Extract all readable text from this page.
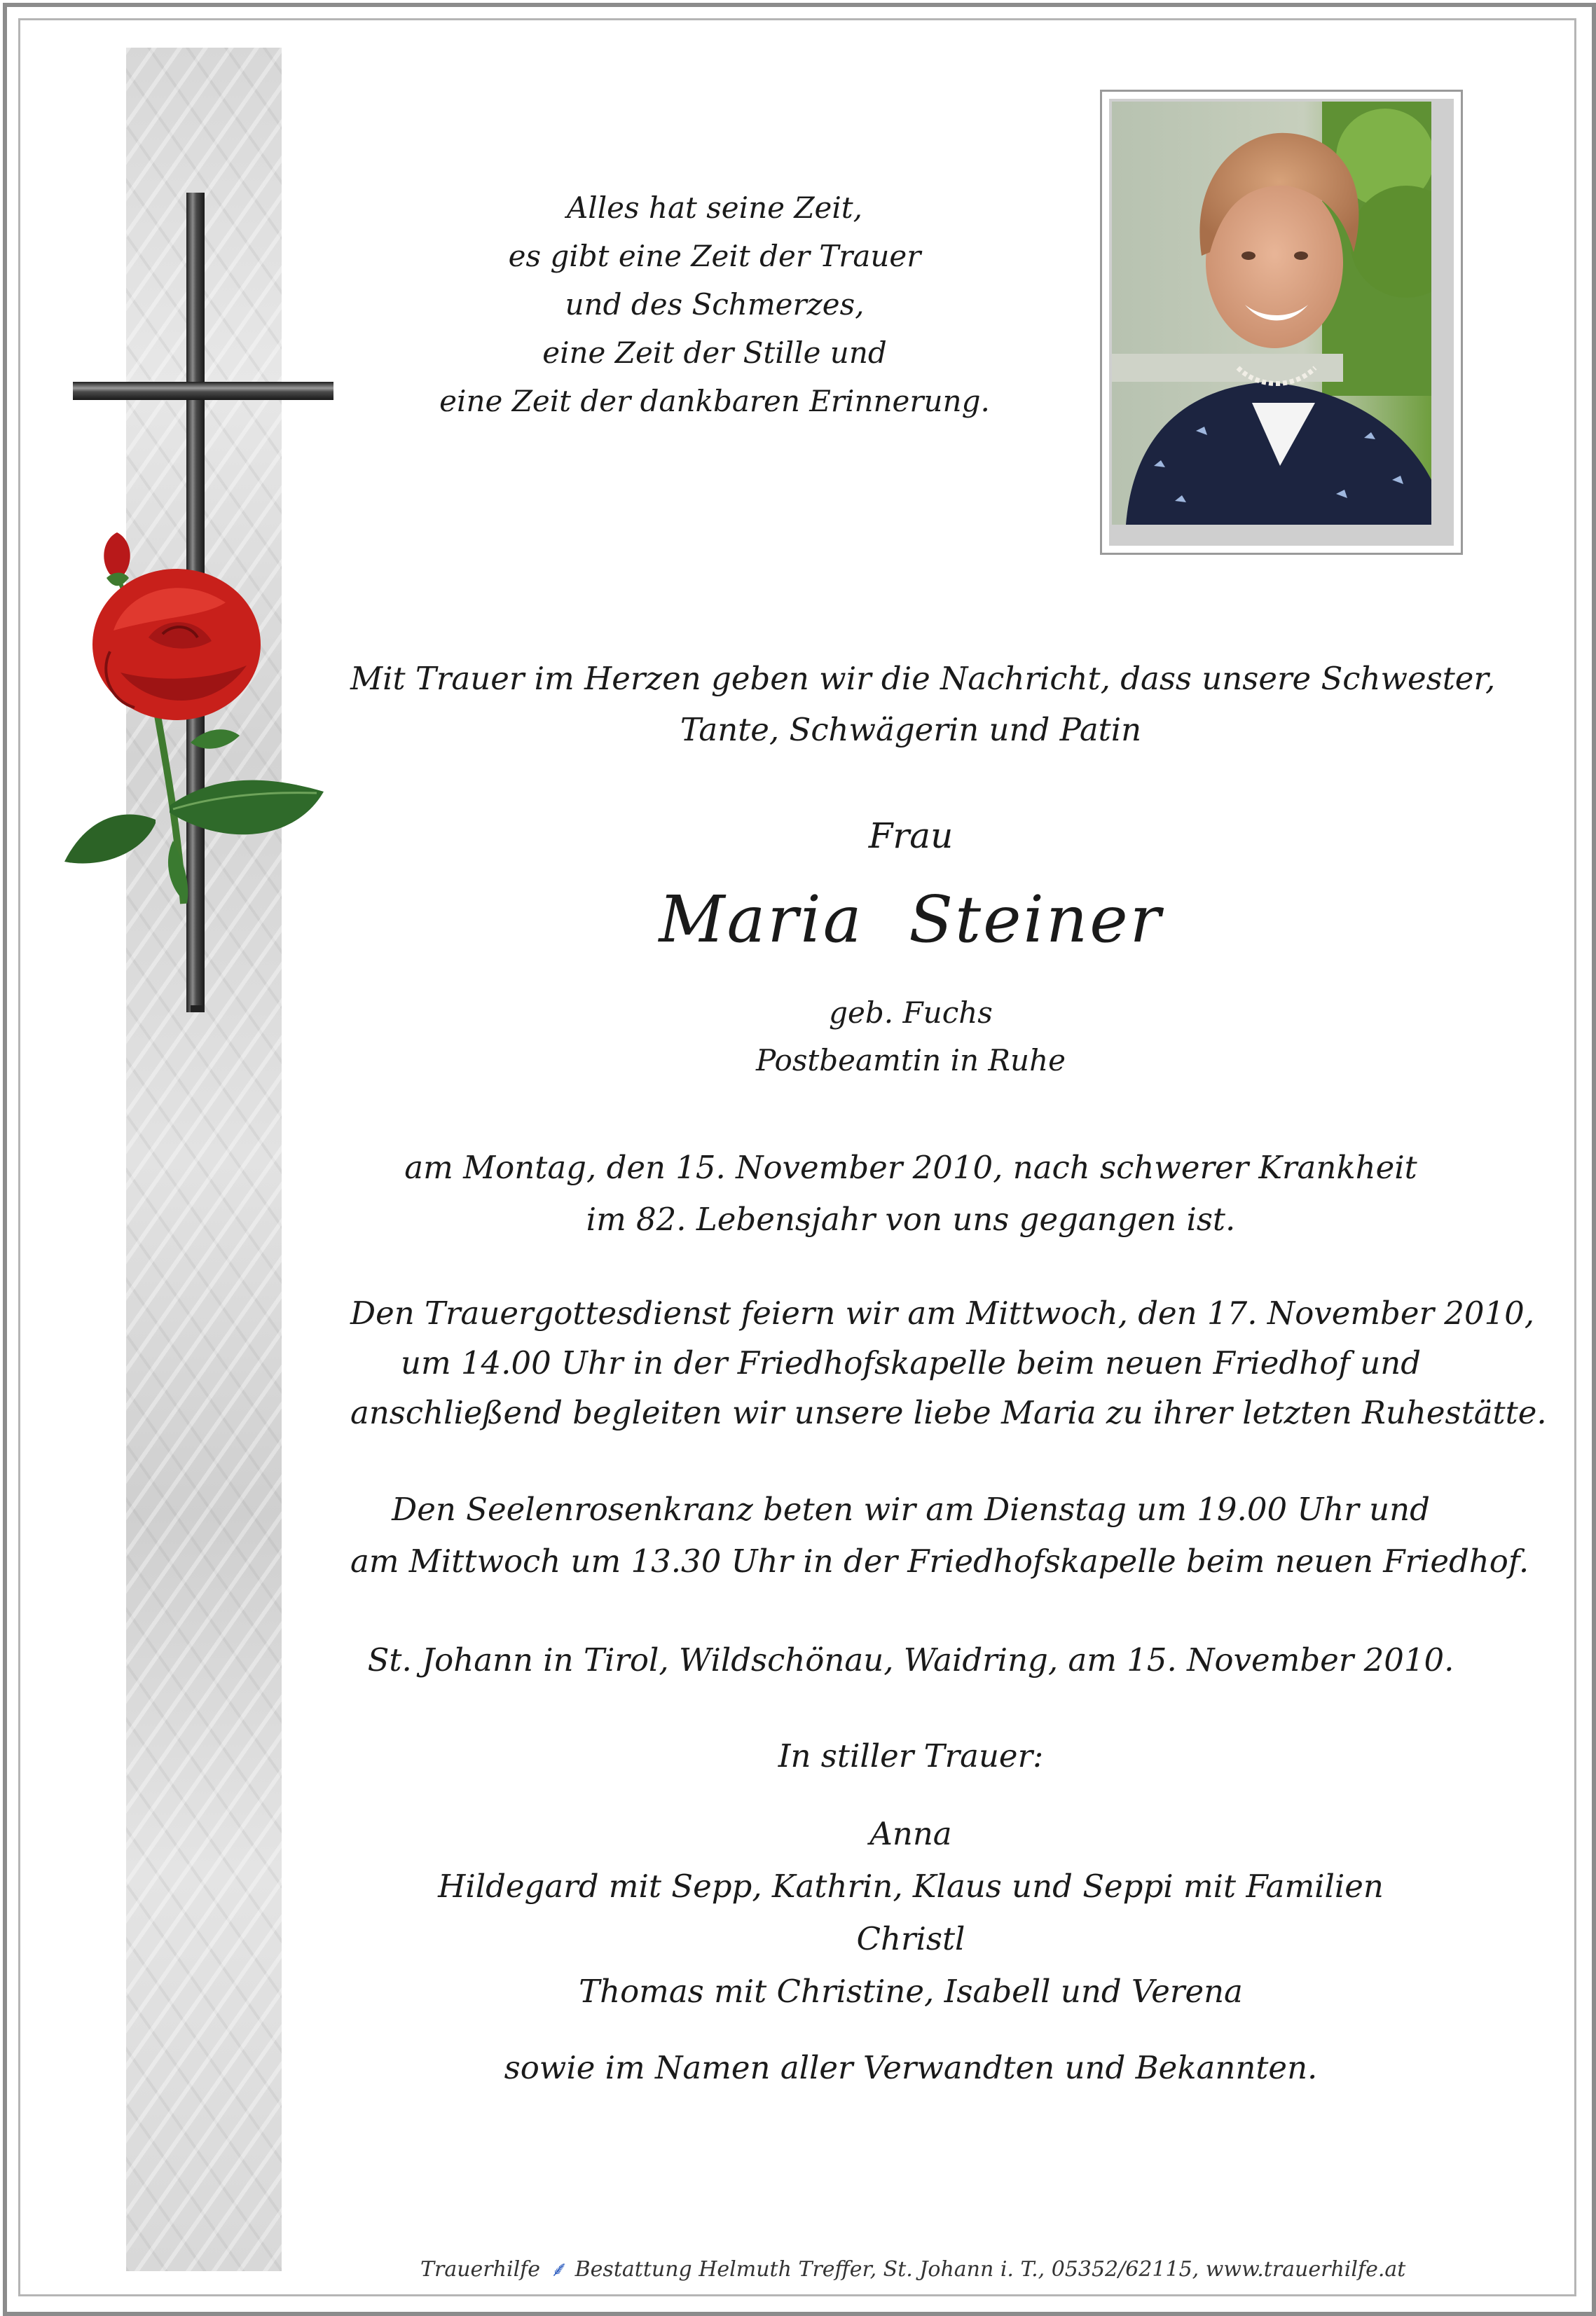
Alles hat seine Zeit,
es gibt eine Zeit der Trauer
und des Schmerzes,
eine Zeit der Stille und
eine Zeit der dankbaren Erinnerung.
Mit Trauer im Herzen geben wir die Nachricht, dass unsere Schwester,
Tante, Schwägerin und Patin
Frau
Maria  Steiner
geb. Fuchs
Postbeamtin in Ruhe
am Montag, den 15. November 2010, nach schwerer Krankheit
im 82. Lebensjahr von uns gegangen ist.
Den Trauergottesdienst feiern wir am Mittwoch, den 17. November 2010,
um 14.00 Uhr in der Friedhofskapelle beim neuen Friedhof und
anschließend begleiten wir unsere liebe Maria zu ihrer letzten Ruhestätte.
Den Seelenrosenkranz beten wir am Dienstag um 19.00 Uhr und
am Mittwoch um 13.30 Uhr in der Friedhofskapelle beim neuen Friedhof.
St. Johann in Tirol, Wildschönau, Waidring, am 15. November 2010.
In stiller Trauer:
Anna
Hildegard mit Sepp, Kathrin, Klaus und Seppi mit Familien
Christl
Thomas mit Christine, Isabell und Verena
sowie im Namen aller Verwandten und Bekannten.
Trauerhilfe ⸙ Bestattung Helmuth Treffer, St. Johann i. T., 05352/62115, www.trauerhilfe.at
